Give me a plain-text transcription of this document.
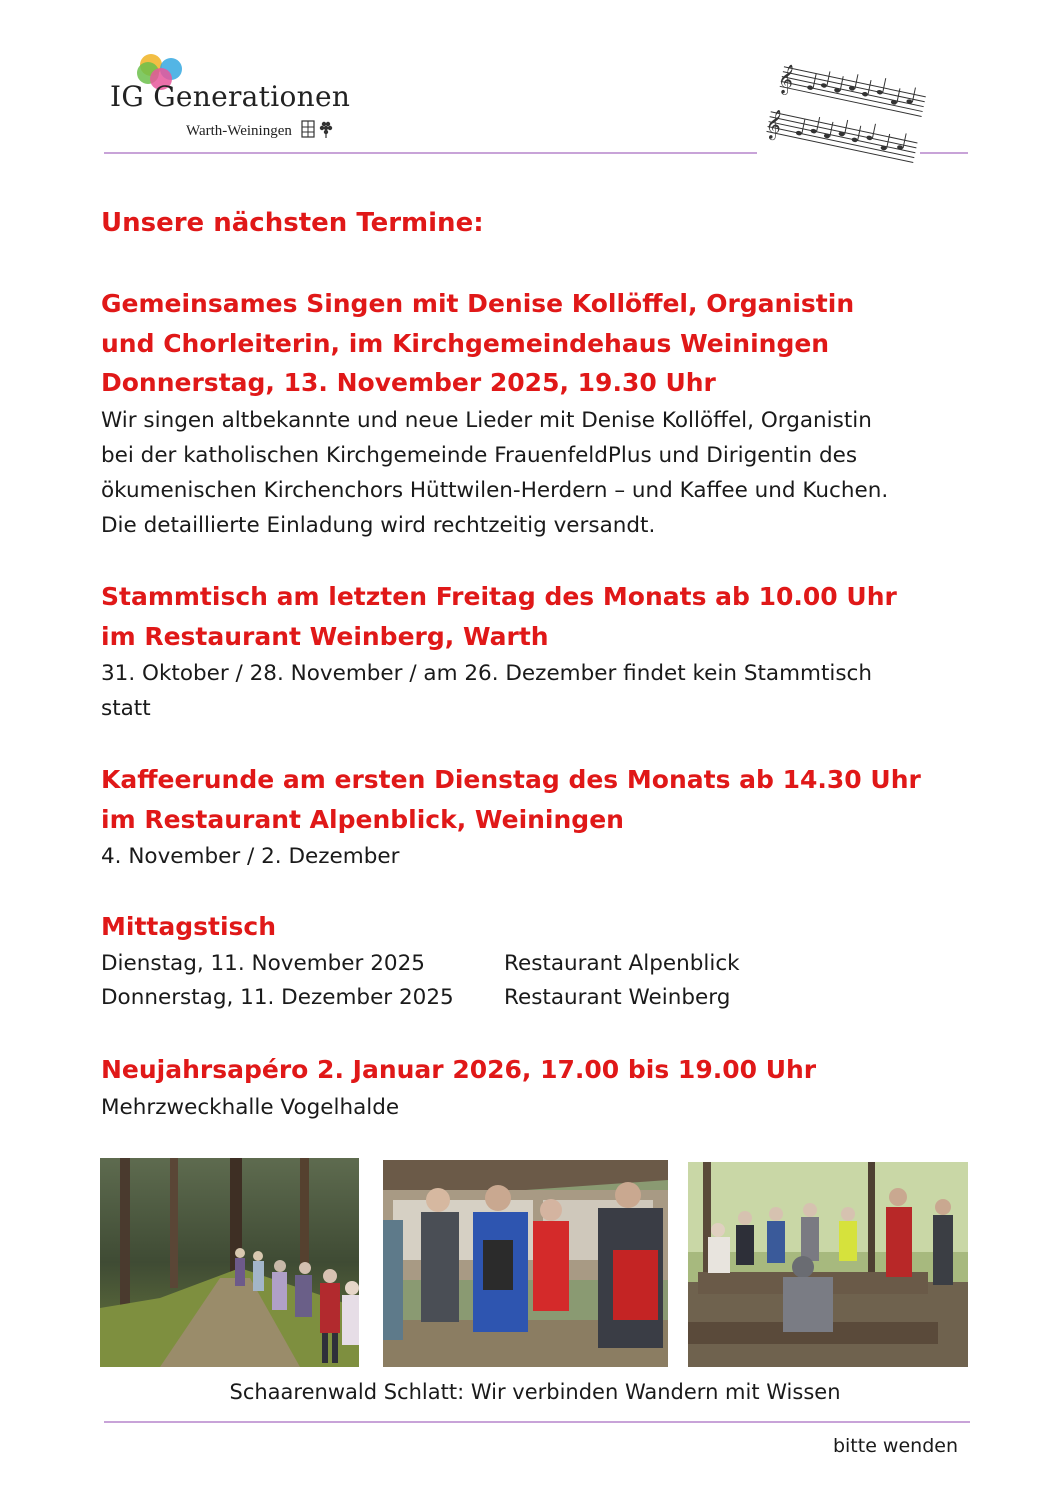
IG Generationen
Warth-Weiningen
𝄞
𝄞
Unsere nächsten Termine:
Gemeinsames Singen mit Denise Kollöffel, Organistin
und Chorleiterin, im Kirchgemeindehaus Weiningen
Donnerstag, 13. November 2025, 19.30 Uhr
Wir singen altbekannte und neue Lieder mit Denise Kollöffel, Organistin
bei der katholischen Kirchgemeinde FrauenfeldPlus und Dirigentin des
ökumenischen Kirchenchors Hüttwilen-Herdern – und Kaffee und Kuchen.
Die detaillierte Einladung wird rechtzeitig versandt.
Stammtisch am letzten Freitag des Monats ab 10.00 Uhr
im Restaurant Weinberg, Warth
31. Oktober / 28. November / am 26. Dezember findet kein Stammtisch
statt
Kaffeerunde am ersten Dienstag des Monats ab 14.30 Uhr
im Restaurant Alpenblick, Weiningen
4. November / 2. Dezember
Mittagstisch
Dienstag, 11. November 2025	Restaurant Alpenblick
Donnerstag, 11. Dezember 2025 Restaurant Weinberg
Neujahrsapéro 2. Januar 2026, 17.00 bis 19.00 Uhr
Mehrzweckhalle Vogelhalde
Schaarenwald Schlatt: Wir verbinden Wandern mit Wissen
bitte wenden
